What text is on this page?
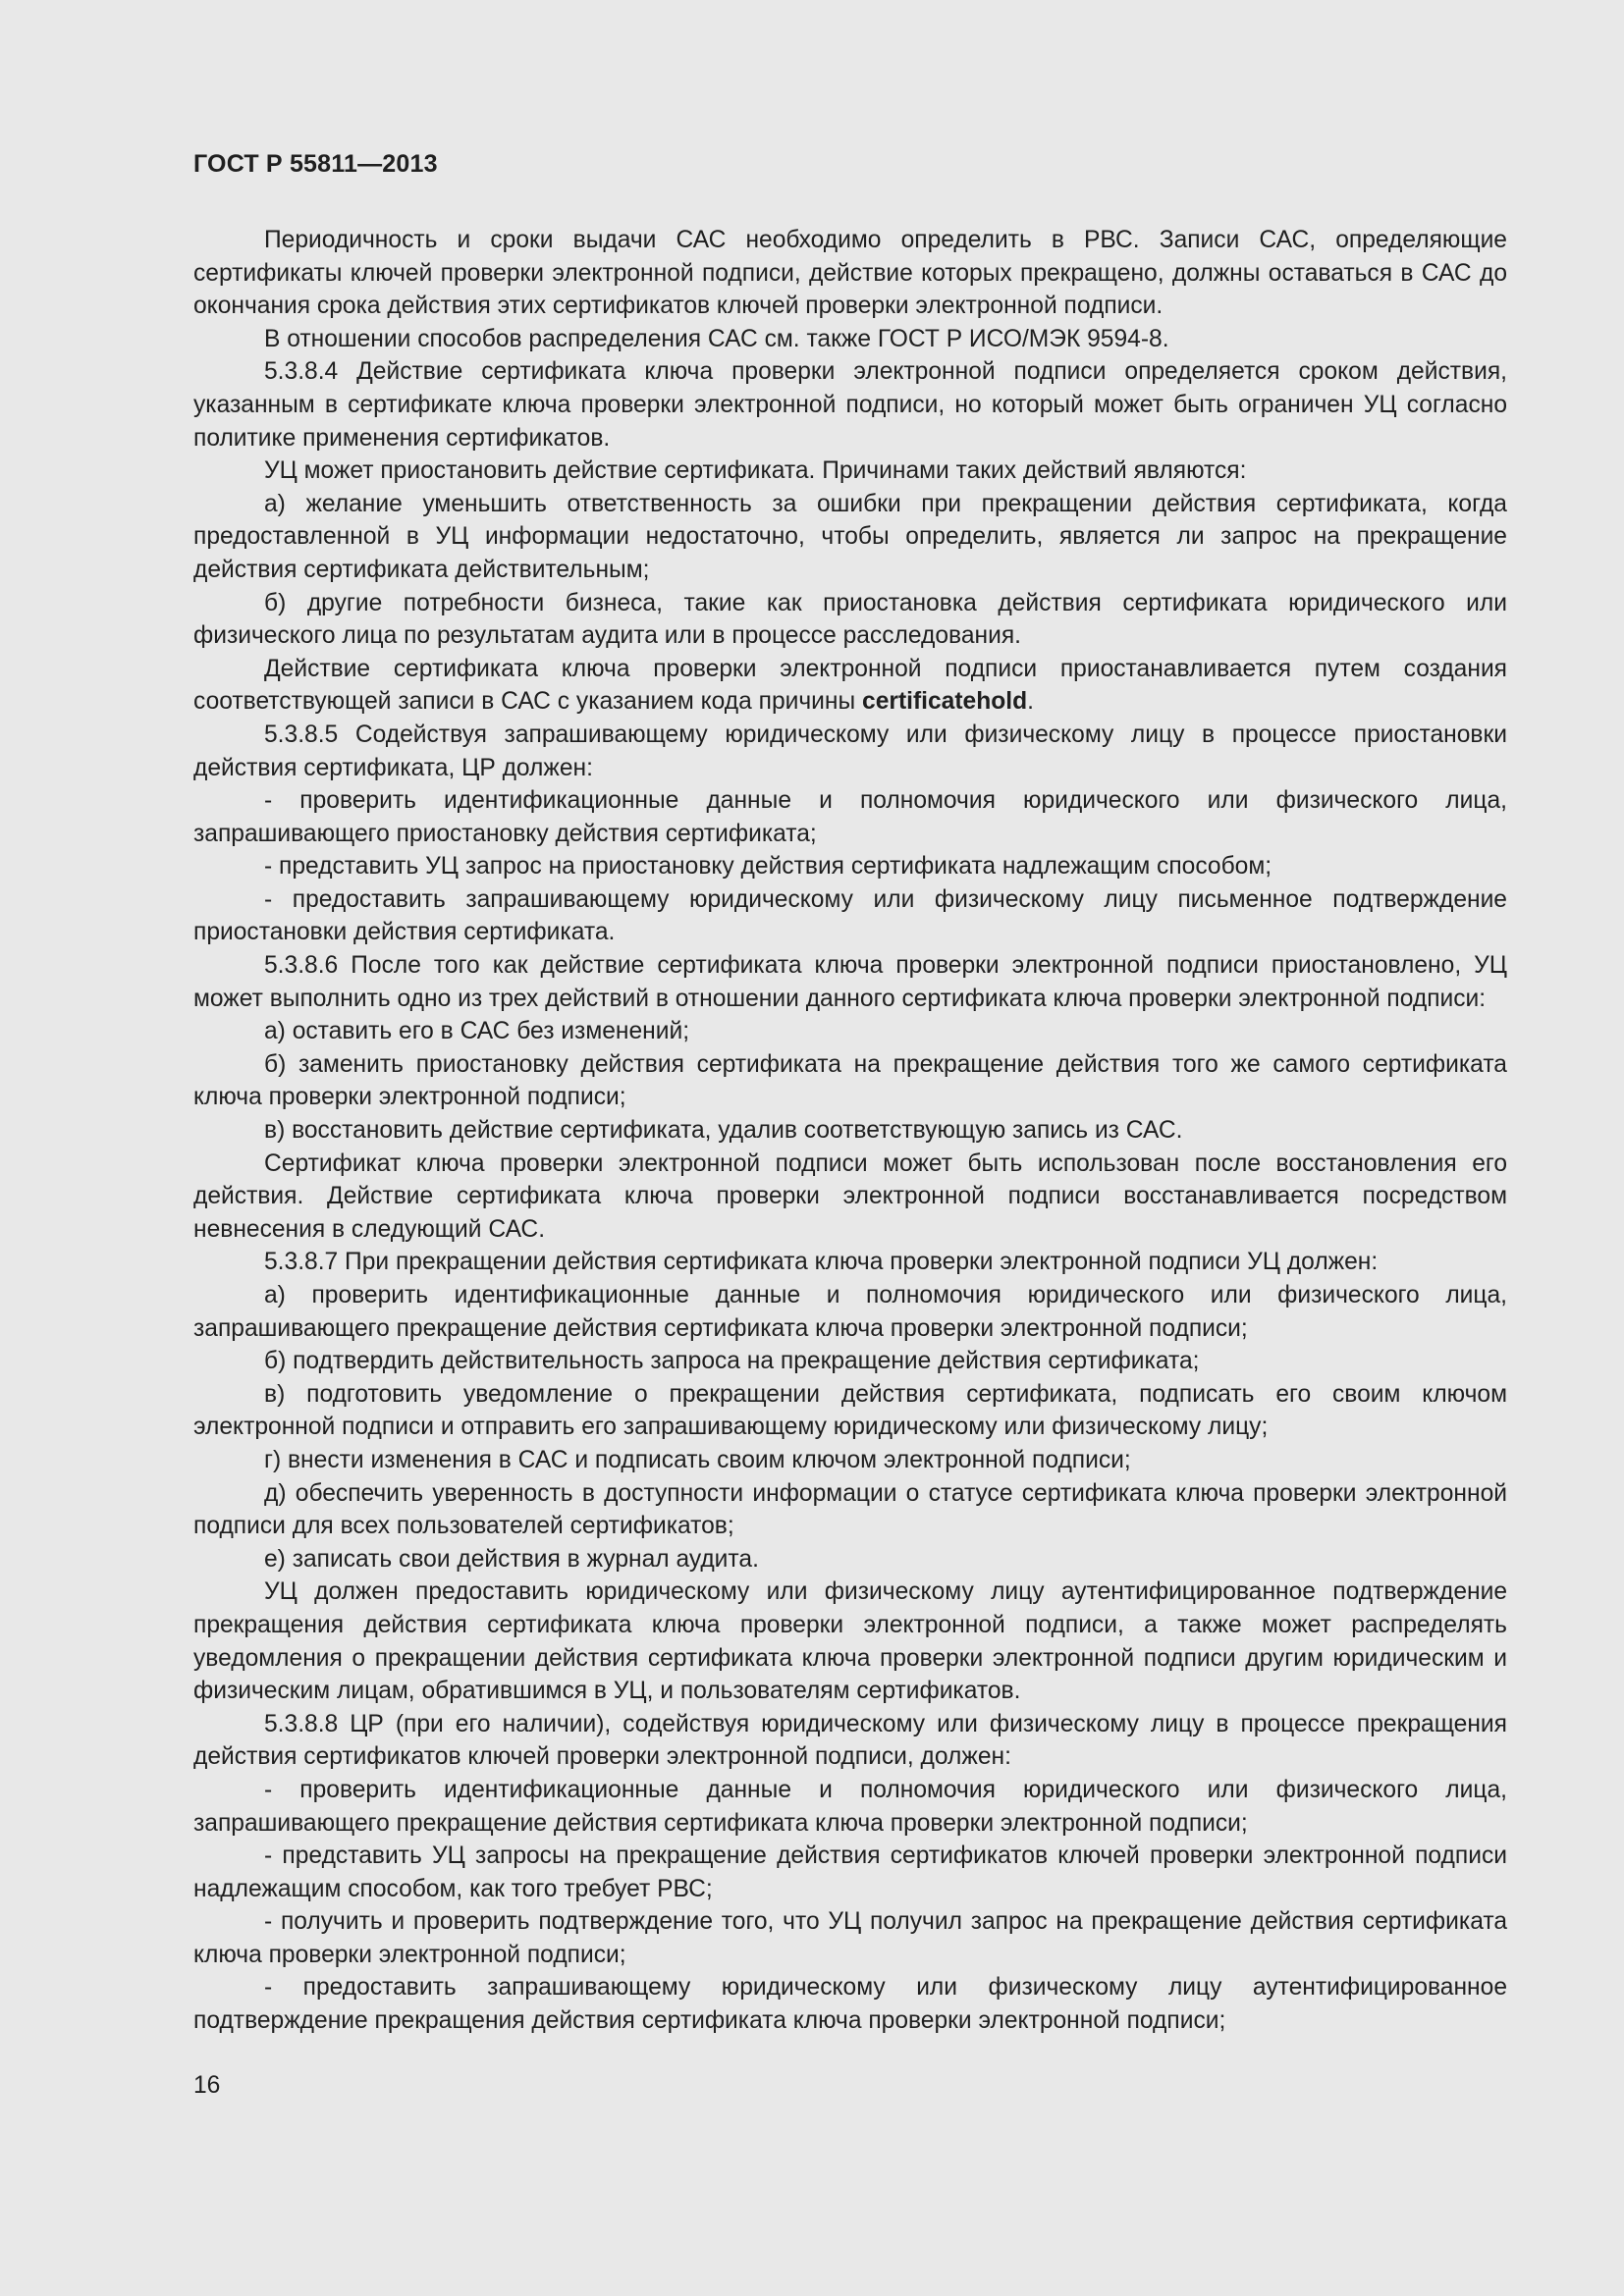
ГОСТ Р 55811—2013

Периодичность и сроки выдачи САС необходимо определить в РВС. Записи САС, определяющие сертификаты ключей проверки электронной подписи, действие которых прекращено, должны оставаться в САС до окончания срока действия этих сертификатов ключей проверки электронной подписи.

В отношении способов распределения САС см. также ГОСТ Р ИСО/МЭК 9594-8.

5.3.8.4 Действие сертификата ключа проверки электронной подписи определяется сроком действия, указанным в сертификате ключа проверки электронной подписи, но который может быть ограничен УЦ согласно политике применения сертификатов.

УЦ может приостановить действие сертификата. Причинами таких действий являются:

а) желание уменьшить ответственность за ошибки при прекращении действия сертификата, когда предоставленной в УЦ информации недостаточно, чтобы определить, является ли запрос на прекращение действия сертификата действительным;

б) другие потребности бизнеса, такие как приостановка действия сертификата юридического или физического лица по результатам аудита или в процессе расследования.

Действие сертификата ключа проверки электронной подписи приостанавливается путем создания соответствующей записи в САС с указанием кода причины certificatehold.

5.3.8.5 Содействуя запрашивающему юридическому или физическому лицу в процессе приостановки действия сертификата, ЦР должен:

- проверить идентификационные данные и полномочия юридического или физического лица, запрашивающего приостановку действия сертификата;

- представить УЦ запрос на приостановку действия сертификата надлежащим способом;

- предоставить запрашивающему юридическому или физическому лицу письменное подтверждение приостановки действия сертификата.

5.3.8.6 После того как действие сертификата ключа проверки электронной подписи приостановлено, УЦ может выполнить одно из трех действий в отношении данного сертификата ключа проверки электронной подписи:

а) оставить его в САС без изменений;

б) заменить приостановку действия сертификата на прекращение действия того же самого сертификата ключа проверки электронной подписи;

в) восстановить действие сертификата, удалив соответствующую запись из САС.

Сертификат ключа проверки электронной подписи может быть использован после восстановления его действия. Действие сертификата ключа проверки электронной подписи восстанавливается посредством невнесения в следующий САС.

5.3.8.7 При прекращении действия сертификата ключа проверки электронной подписи УЦ должен:

а) проверить идентификационные данные и полномочия юридического или физического лица, запрашивающего прекращение действия сертификата ключа проверки электронной подписи;

б) подтвердить действительность запроса на прекращение действия сертификата;

в) подготовить уведомление о прекращении действия сертификата, подписать его своим ключом электронной подписи и отправить его запрашивающему юридическому или физическому лицу;

г) внести изменения в САС и подписать своим ключом электронной подписи;

д) обеспечить уверенность в доступности информации о статусе сертификата ключа проверки электронной подписи для всех пользователей сертификатов;

е) записать свои действия в журнал аудита.

УЦ должен предоставить юридическому или физическому лицу аутентифицированное подтверждение прекращения действия сертификата ключа проверки электронной подписи, а также может распределять уведомления о прекращении действия сертификата ключа проверки электронной подписи другим юридическим и физическим лицам, обратившимся в УЦ, и пользователям сертификатов.

5.3.8.8 ЦР (при его наличии), содействуя юридическому или физическому лицу в процессе прекращения действия сертификатов ключей проверки электронной подписи, должен:

- проверить идентификационные данные и полномочия юридического или физического лица, запрашивающего прекращение действия сертификата ключа проверки электронной подписи;

- представить УЦ запросы на прекращение действия сертификатов ключей проверки электронной подписи надлежащим способом, как того требует РВС;

- получить и проверить подтверждение того, что УЦ получил запрос на прекращение действия сертификата ключа проверки электронной подписи;

- предоставить запрашивающему юридическому или физическому лицу аутентифицированное подтверждение прекращения действия сертификата ключа проверки электронной подписи;

16
